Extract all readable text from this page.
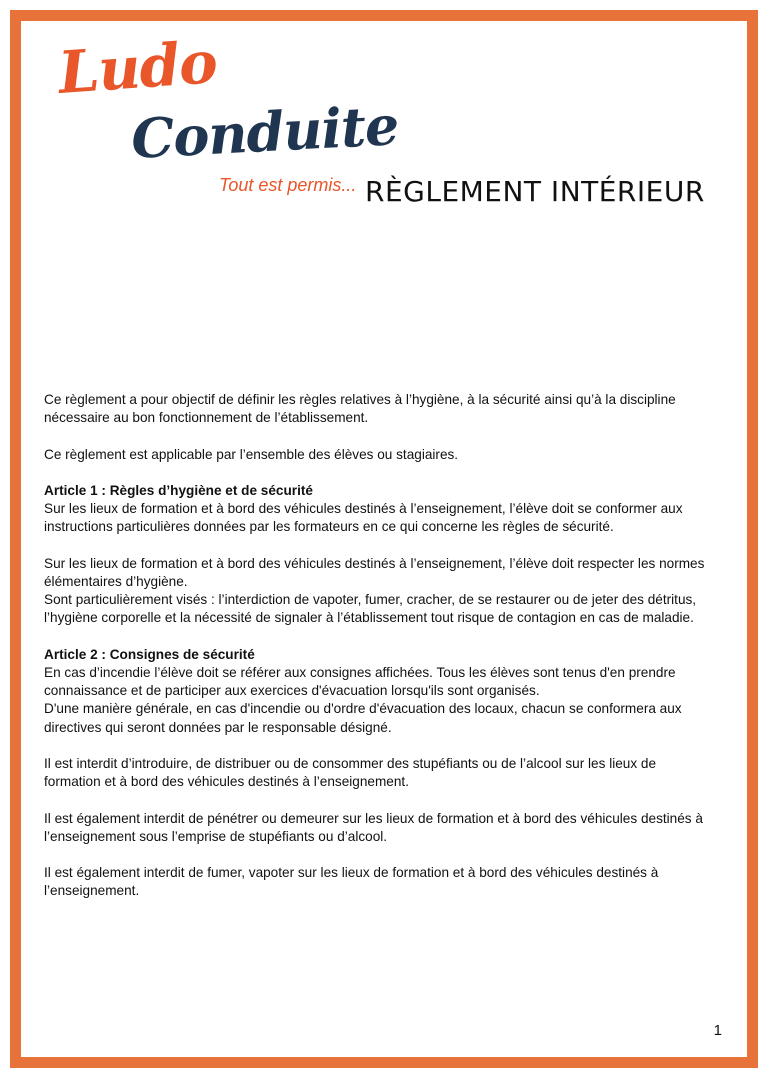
Ludo
Conduite
Tout est permis... RÈGLEMENT INTÉRIEUR

Ce règlement a pour objectif de définir les règles relatives à l’hygiène, à la sécurité ainsi qu’à la discipline nécessaire au bon fonctionnement de l’établissement.

Ce règlement est applicable par l’ensemble des élèves ou stagiaires.

Article 1 : Règles d’hygiène et de sécurité
Sur les lieux de formation et à bord des véhicules destinés à l’enseignement, l’élève doit se conformer aux instructions particulières données par les formateurs en ce qui concerne les règles de sécurité.

Sur les lieux de formation et à bord des véhicules destinés à l’enseignement, l’élève doit respecter les normes élémentaires d’hygiène.
Sont particulièrement visés : l’interdiction de vapoter, fumer, cracher, de se restaurer ou de jeter des détritus, l’hygiène corporelle et la nécessité de signaler à l’établissement tout risque de contagion en cas de maladie.

Article 2 : Consignes de sécurité
En cas d’incendie l’élève doit se référer aux consignes affichées. Tous les élèves sont tenus d'en prendre connaissance et de participer aux exercices d'évacuation lorsqu'ils sont organisés.
D'une manière générale, en cas d'incendie ou d'ordre d'évacuation des locaux, chacun se conformera aux directives qui seront données par le responsable désigné.

Il est interdit d’introduire, de distribuer ou de consommer des stupéfiants ou de l’alcool sur les lieux de formation et à bord des véhicules destinés à l’enseignement.

Il est également interdit de pénétrer ou demeurer sur les lieux de formation et à bord des véhicules destinés à l’enseignement sous l’emprise de stupéfiants ou d’alcool.

Il est également interdit de fumer, vapoter sur les lieux de formation et à bord des véhicules destinés à l’enseignement.

1
